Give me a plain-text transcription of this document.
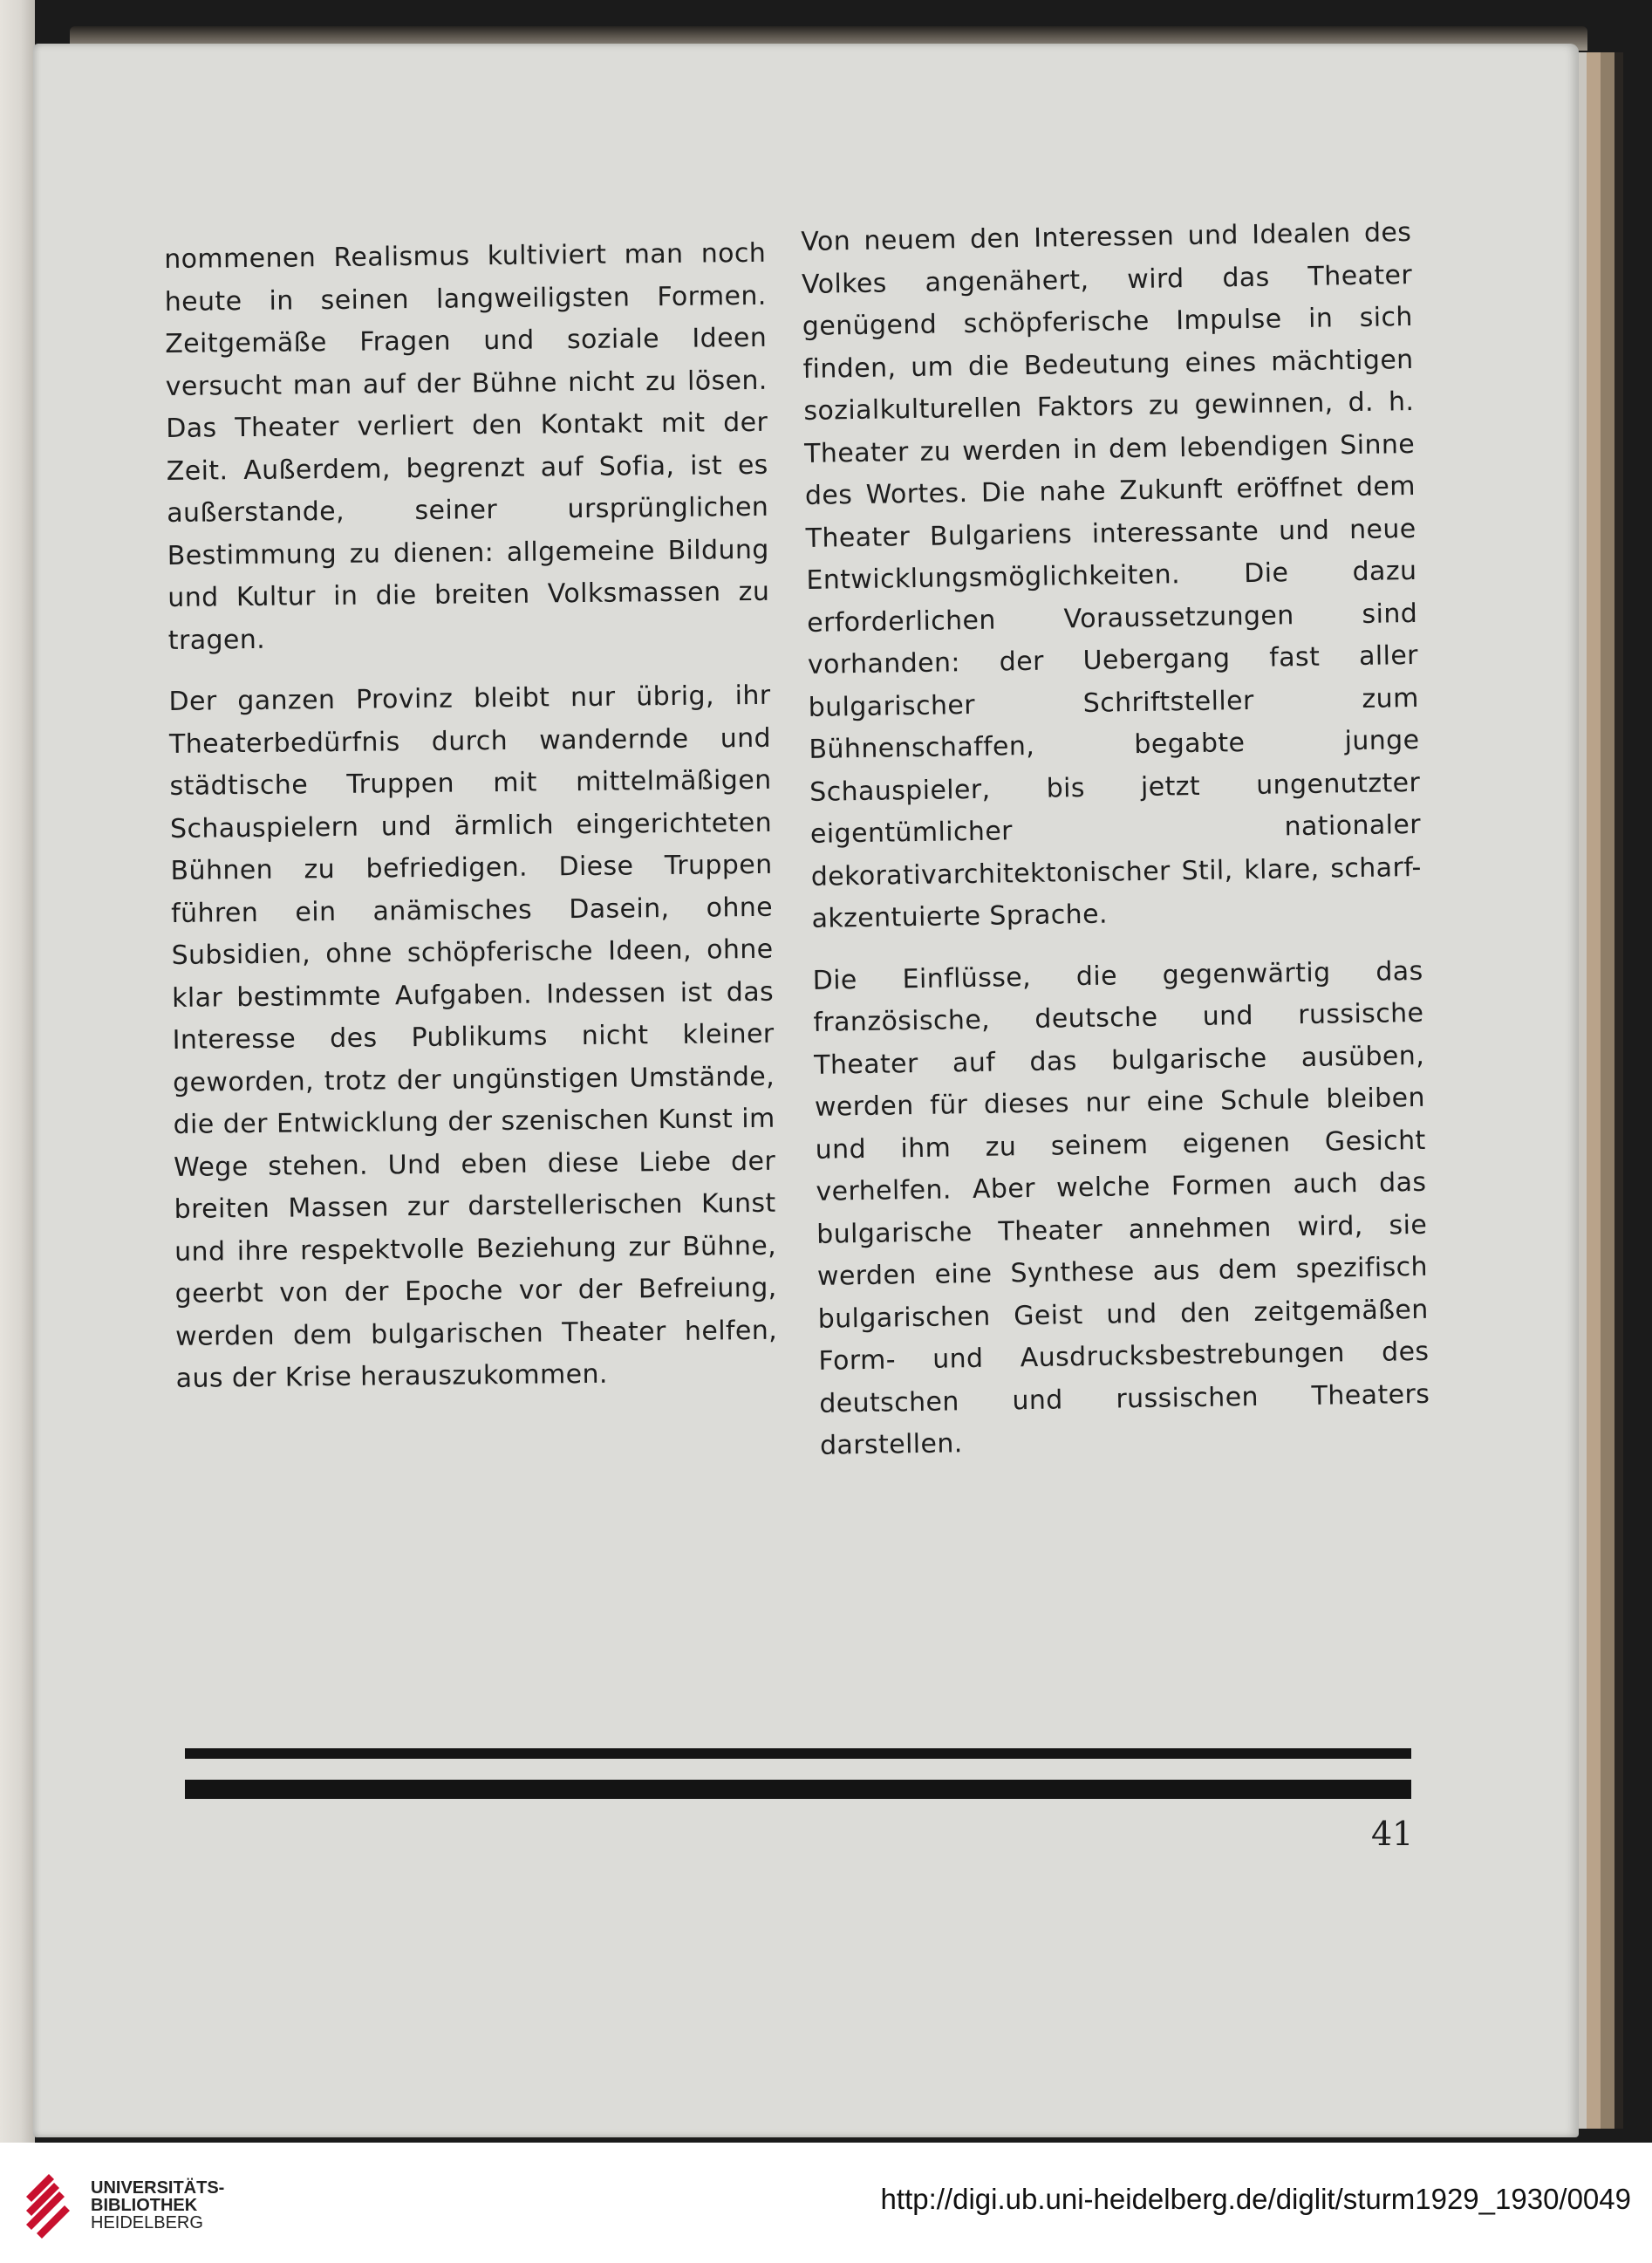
nommenen Realismus kultiviert man noch heute in seinen langweiligsten Formen. Zeitgemäße Fragen und soziale Ideen versucht man auf der Bühne nicht zu lösen. Das Theater verliert den Kontakt mit der Zeit. Außerdem, begrenzt auf Sofia, ist es außerstande, seiner ursprünglichen Bestimmung zu dienen: allgemeine Bildung und Kultur in die breiten Volksmassen zu tragen.

Der ganzen Provinz bleibt nur übrig, ihr Theaterbedürfnis durch wandernde und städtische Truppen mit mittelmäßigen Schauspielern und ärmlich eingerichteten Bühnen zu befriedigen. Diese Truppen führen ein anämisches Dasein, ohne Subsidien, ohne schöpferische Ideen, ohne klar bestimmte Aufgaben. Indessen ist das Interesse des Publikums nicht kleiner geworden, trotz der ungünstigen Umstände, die der Entwicklung der szenischen Kunst im Wege stehen. Und eben diese Liebe der breiten Massen zur darstellerischen Kunst und ihre respektvolle Beziehung zur Bühne, geerbt von der Epoche vor der Befreiung, werden dem bulgarischen Theater helfen, aus der Krise herauszukommen.

Von neuem den Interessen und Idealen des Volkes angenähert, wird das Theater genügend schöpferische Impulse in sich finden, um die Bedeutung eines mächtigen sozialkulturellen Faktors zu gewinnen, d. h. Theater zu werden in dem lebendigen Sinne des Wortes. Die nahe Zukunft eröffnet dem Theater Bulgariens interessante und neue Entwicklungsmöglichkeiten. Die dazu erforderlichen Voraussetzungen sind vorhanden: der Uebergang fast aller bulgarischer Schriftsteller zum Bühnenschaffen, begabte junge Schauspieler, bis jetzt ungenutzter eigentümlicher nationaler dekorativarchitektonischer Stil, klare, scharf-akzentuierte Sprache.

Die Einflüsse, die gegenwärtig das französische, deutsche und russische Theater auf das bulgarische ausüben, werden für dieses nur eine Schule bleiben und ihm zu seinem eigenen Gesicht verhelfen. Aber welche Formen auch das bulgarische Theater annehmen wird, sie werden eine Synthese aus dem spezifisch bulgarischen Geist und den zeitgemäßen Form- und Ausdrucksbestrebungen des deutschen und russischen Theaters darstellen.

41
UNIVERSITÄTS-
BIBLIOTHEK
HEIDELBERG
http://digi.ub.uni-heidelberg.de/diglit/sturm1929_1930/0049
